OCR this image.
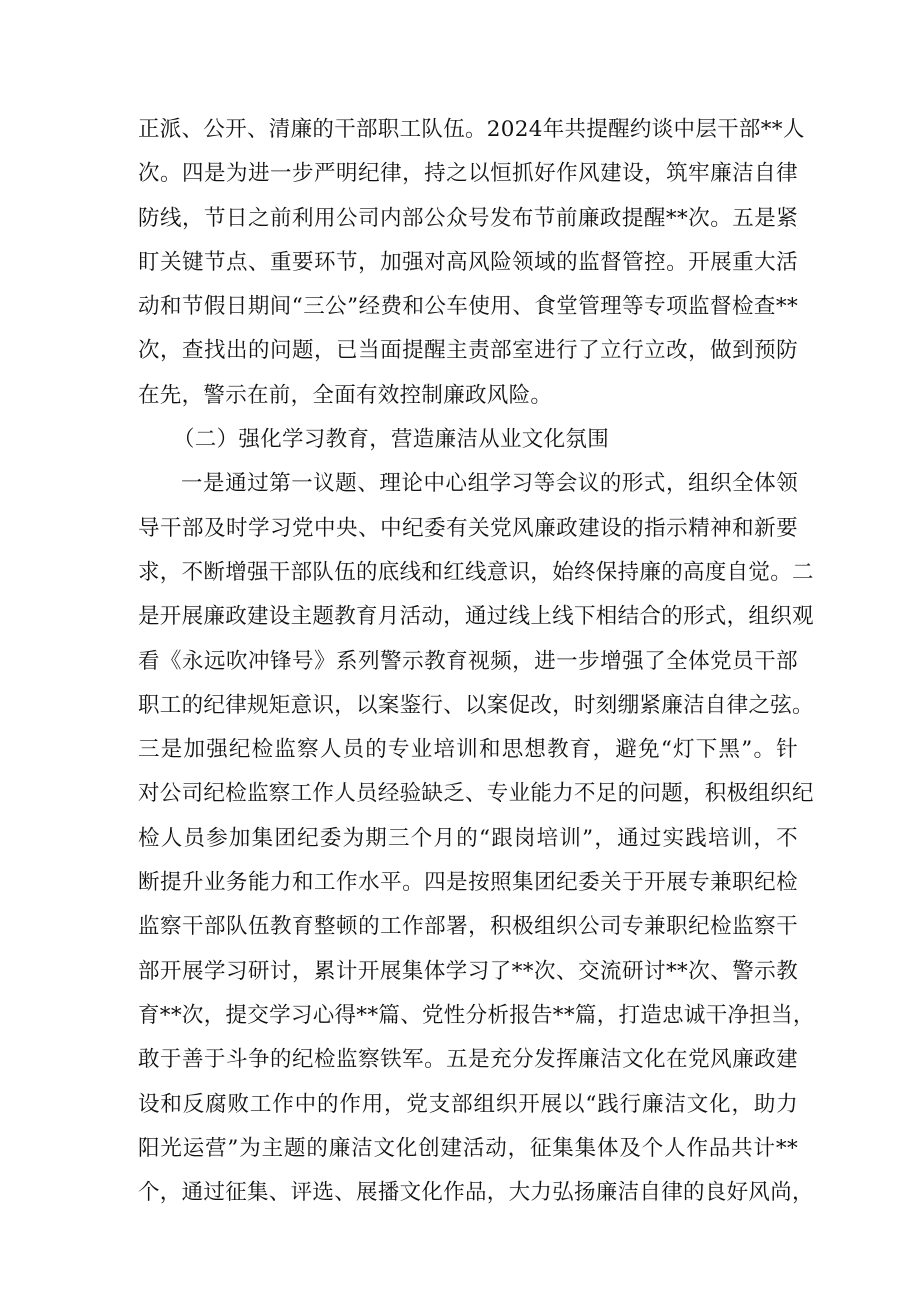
正派、公开、清廉的干部职工队伍。2024年共提醒约谈中层干部**人
次。四是为进一步严明纪律，持之以恒抓好作风建设，筑牢廉洁自律
防线，节日之前利用公司内部公众号发布节前廉政提醒**次。五是紧
盯关键节点、重要环节，加强对高风险领域的监督管控。开展重大活
动和节假日期间“三公”经费和公车使用、食堂管理等专项监督检查**
次，查找出的问题，已当面提醒主责部室进行了立行立改，做到预防
在先，警示在前，全面有效控制廉政风险。
（二）强化学习教育，营造廉洁从业文化氛围
一是通过第一议题、理论中心组学习等会议的形式，组织全体领
导干部及时学习党中央、中纪委有关党风廉政建设的指示精神和新要
求，不断增强干部队伍的底线和红线意识，始终保持廉的高度自觉。二
是开展廉政建设主题教育月活动，通过线上线下相结合的形式，组织观
看《永远吹冲锋号》系列警示教育视频，进一步增强了全体党员干部
职工的纪律规矩意识，以案鉴行、以案促改，时刻绷紧廉洁自律之弦。
三是加强纪检监察人员的专业培训和思想教育，避免“灯下黑”。针
对公司纪检监察工作人员经验缺乏、专业能力不足的问题，积极组织纪
检人员参加集团纪委为期三个月的“跟岗培训”，通过实践培训，不
断提升业务能力和工作水平。四是按照集团纪委关于开展专兼职纪检
监察干部队伍教育整顿的工作部署，积极组织公司专兼职纪检监察干
部开展学习研讨，累计开展集体学习了**次、交流研讨**次、警示教
育**次，提交学习心得**篇、党性分析报告**篇，打造忠诚干净担当，
敢于善于斗争的纪检监察铁军。五是充分发挥廉洁文化在党风廉政建
设和反腐败工作中的作用，党支部组织开展以“践行廉洁文化，助力
阳光运营”为主题的廉洁文化创建活动，征集集体及个人作品共计**
个，通过征集、评选、展播文化作品，大力弘扬廉洁自律的良好风尚，
